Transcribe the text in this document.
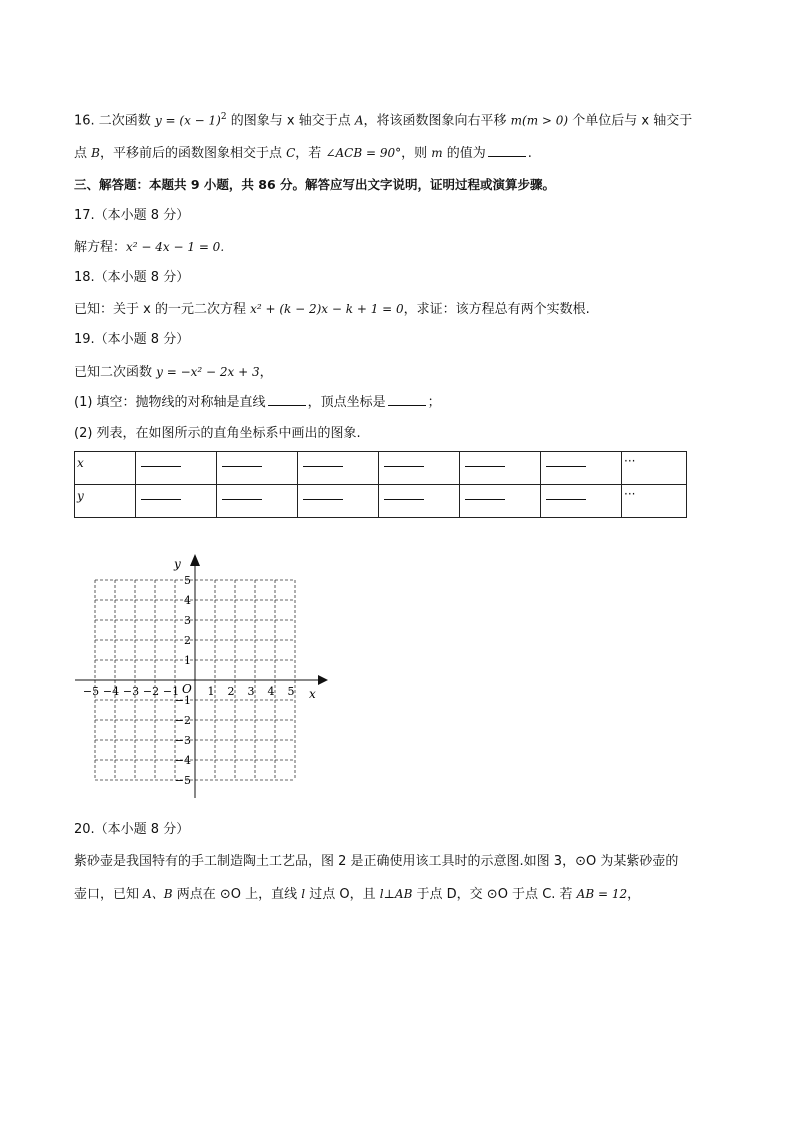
16. 二次函数 $y = (x - 1)^2$ 的图象与 x 轴交于点 A，将该函数图象向右平移 m(m > 0) 个单位后与 x 轴交于
点 B，平移前后的函数图象相交于点 C，若 ∠ACB = 90°，则 m 的值为	.
三、解答题：本题共 9 小题，共 86 分。解答应写出文字说明，证明过程或演算步骤。
17.（本小题 8 分）
解方程：x² − 4x − 1 = 0.
18.（本小题 8 分）
已知：关于 x 的一元二次方程 x² + (k − 2)x − k + 1 = 0，求证：该方程总有两个实数根.
19.（本小题 8 分）
已知二次函数 y = −x² − 2x + 3，
(1) 填空：抛物线的对称轴是直线	，顶点坐标是	；
(2) 列表，在如图所示的直角坐标系中画出的图象.
x							···
y							···
x
y
O
−5 −4 −3 −2 −1	1 2 3 4 5
5
4
3
2
1
−1
−2
−3
−4
−5
20.（本小题 8 分）
紫砂壶是我国特有的手工制造陶土工艺品，图 2 是正确使用该工具时的示意图.如图 3，⊙O 为某紫砂壶的
壶口，已知 A、B 两点在 ⊙O 上，直线 l 过点 O，且 l⊥AB 于点 D，交 ⊙O 于点 C. 若 AB = 12，
